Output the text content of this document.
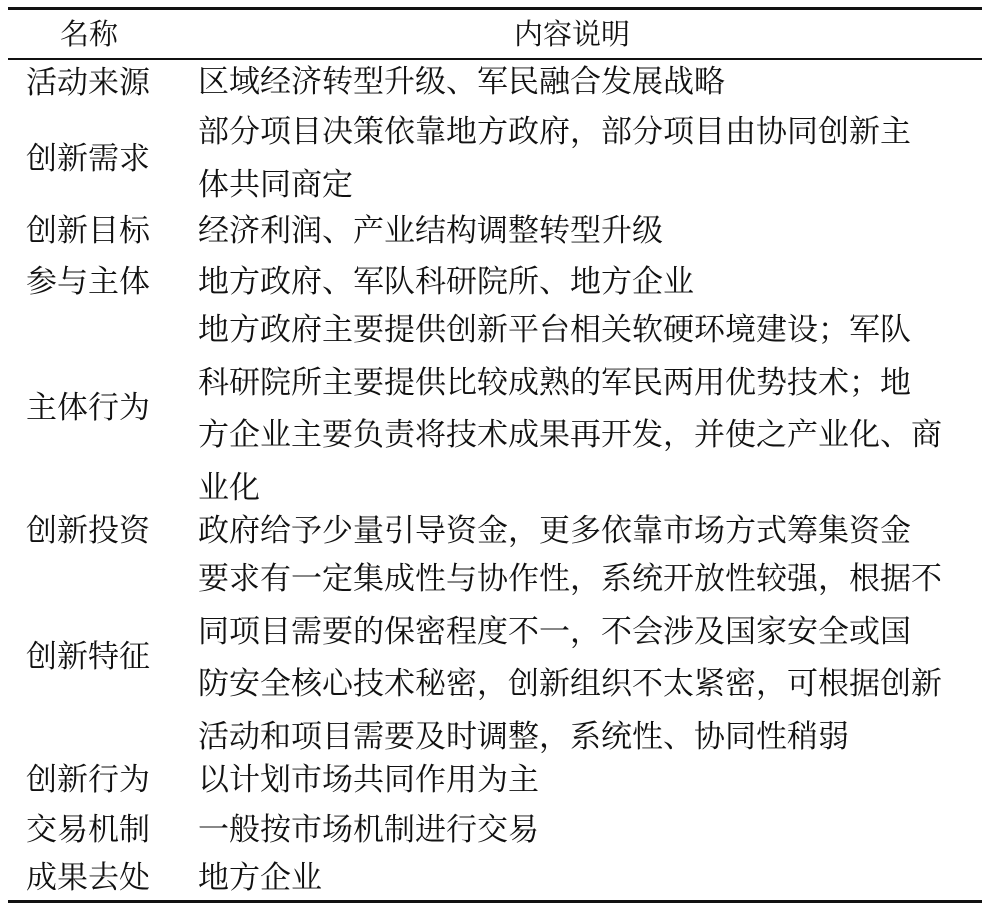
名称	内容说明
活动来源 区域经济转型升级、军民融合发展战略
创新需求
部分项目决策依靠地方政府，部分项目由协同创新主
体共同商定
创新目标 经济利润、产业结构调整转型升级
参与主体 地方政府、军队科研院所、地方企业
主体行为
地方政府主要提供创新平台相关软硬环境建设；军队
科研院所主要提供比较成熟的军民两用优势技术；地
方企业主要负责将技术成果再开发，并使之产业化、商
业化
创新投资 政府给予少量引导资金，更多依靠市场方式筹集资金
创新特征
要求有一定集成性与协作性，系统开放性较强，根据不
同项目需要的保密程度不一，不会涉及国家安全或国
防安全核心技术秘密，创新组织不太紧密，可根据创新
活动和项目需要及时调整，系统性、协同性稍弱
创新行为 以计划市场共同作用为主
交易机制 一般按市场机制进行交易
成果去处 地方企业
